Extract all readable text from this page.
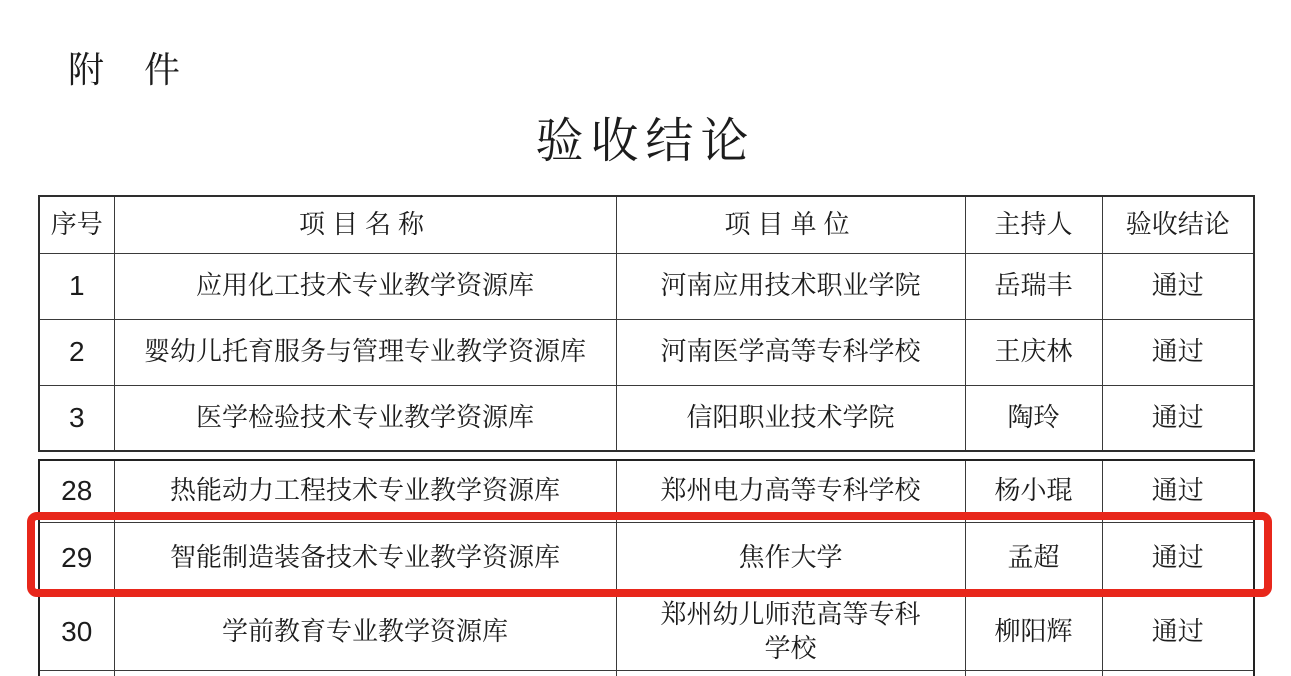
附　件
验收结论
序号	项目名称	项目单位	主持人	验收结论
1	应用化工技术专业教学资源库	河南应用技术职业学院	岳瑞丰	通过
2	婴幼儿托育服务与管理专业教学资源库	河南医学高等专科学校	王庆林	通过
3	医学检验技术专业教学资源库	信阳职业技术学院	陶玲	通过
28	热能动力工程技术专业教学资源库	郑州电力高等专科学校	杨小琨	通过
29	智能制造装备技术专业教学资源库	焦作大学	孟超	通过
30	学前教育专业教学资源库	郑州幼儿师范高等专科学校	柳阳辉	通过
